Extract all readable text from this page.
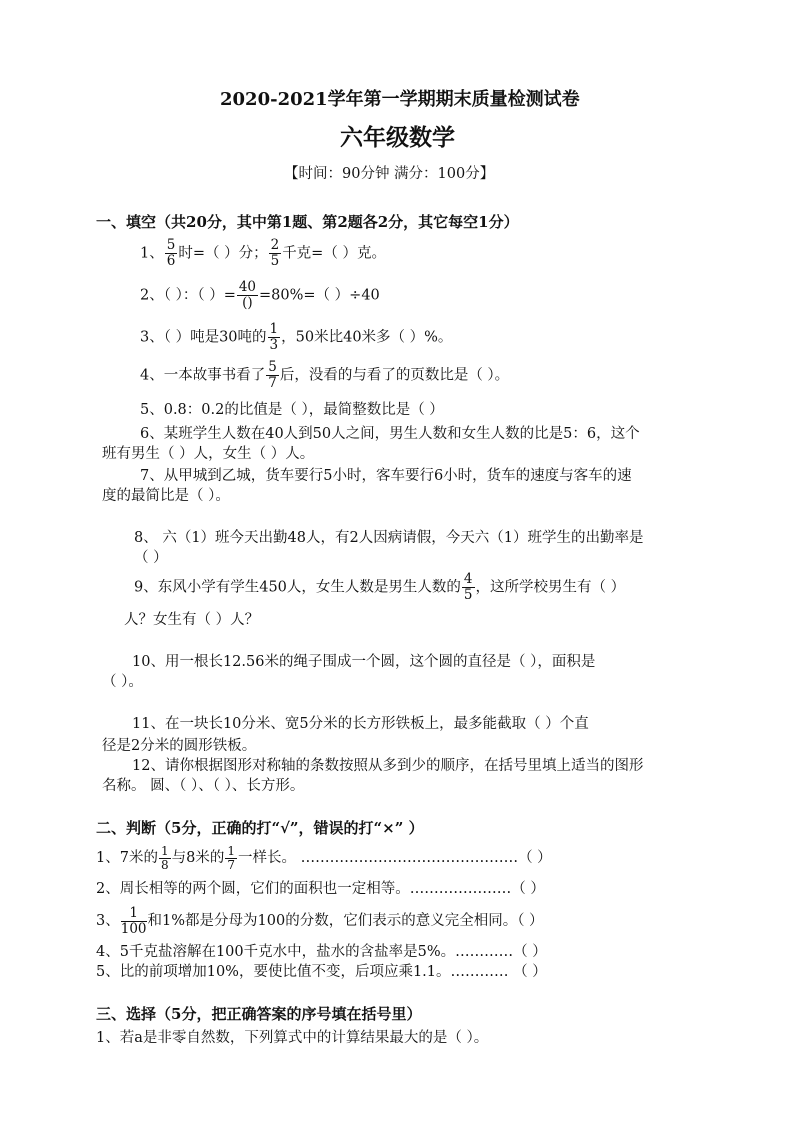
2020-2021学年第一学期期末质量检测试卷
六年级数学
【时间：90分钟 满分：100分】
一、填空（共20分，其中第1题、第2题各2分，其它每空1分）
1、 $\frac{5}{6}$ 时=（ ）分； $\frac{2}{5}$ 千克=（ ）克。
2、（ ）：（ ）= $\frac{40}{()} =80\%=$（ ）÷40
3、（ ）吨是30吨的 $\frac{1}{3}$ ，50米比40米多（ ）%。
4、一本故事书看了 $\frac{5}{7}$ 后，没看的与看了的页数比是（ ）。
5、0.8：0.2的比值是（ ），最简整数比是（ ）
6、某班学生人数在40人到50人之间，男生人数和女生人数的比是5：6，这个
班有男生（ ）人，女生（ ）人。
7、从甲城到乙城，货车要行5小时，客车要行6小时，货车的速度与客车的速
度的最简比是（ ）。
8、 六（1）班今天出勤48人，有2人因病请假，今天六（1）班学生的出勤率是
（ ）
9、东风小学有学生450人，女生人数是男生人数的 $\frac{4}{5}$ ，这所学校男生有（ ）
人？女生有（ ）人？
10、用一根长12.56米的绳子围成一个圆，这个圆的直径是（ ），面积是
（ ）。
11、在一块长10分米、宽5分米的长方形铁板上，最多能截取（ ）个直
径是2分米的圆形铁板。
12、请你根据图形对称轴的条数按照从多到少的顺序，在括号里填上适当的图形
名称。 圆、（ ）、（ ）、长方形。
二、判断（5分，正确的打“√”，错误的打“×” ）
1、7米的 $\frac{1}{8}$ 与8米的 $\frac{1}{7}$ 一样长。 ………………………………………（ ）
2、周长相等的两个圆，它们的面积也一定相等。…………………（ ）
3、 $\frac{1}{100}$ 和1%都是分母为100的分数，它们表示的意义完全相同。（ ）
4、5千克盐溶解在100千克水中，盐水的含盐率是5%。…………（ ）
5、比的前项增加10%，要使比值不变，后项应乘1.1。………… （ ）
三、选择（5分，把正确答案的序号填在括号里）
1、若a是非零自然数，下列算式中的计算结果最大的是（ ）。
